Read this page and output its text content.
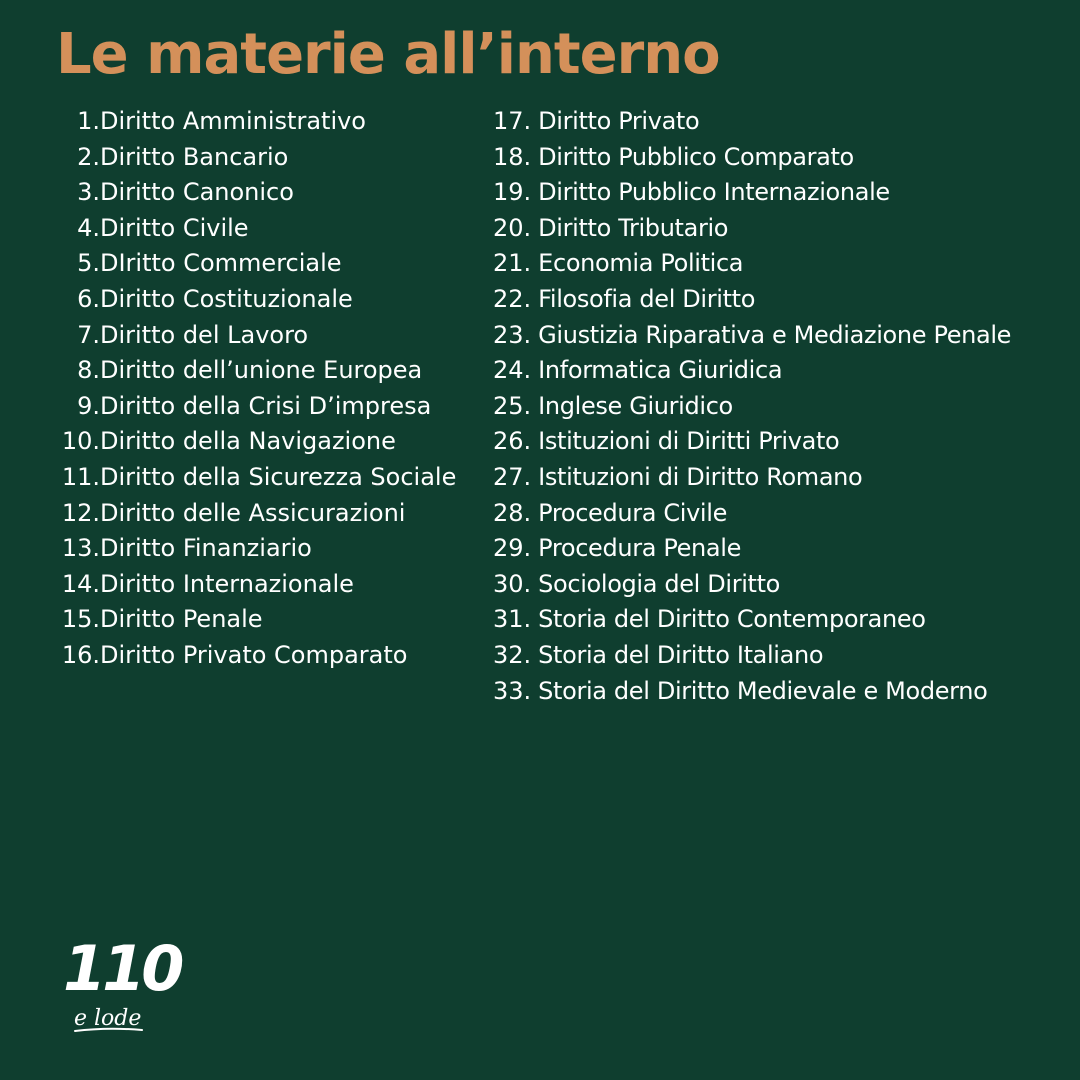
Le materie all’interno
1. Diritto Amministrativo
2. Diritto Bancario
3. Diritto Canonico
4. Diritto Civile
5. DIritto Commerciale
6. Diritto Costituzionale
7. Diritto del Lavoro
8. Diritto dell’unione Europea
9. Diritto della Crisi D’impresa
10. Diritto della Navigazione
11. Diritto della Sicurezza Sociale
12. Diritto delle Assicurazioni
13. Diritto Finanziario
14. Diritto Internazionale
15. Diritto Penale
16. Diritto Privato Comparato
17. Diritto Privato
18. Diritto Pubblico Comparato
19. Diritto Pubblico Internazionale
20. Diritto Tributario
21. Economia Politica
22. Filosofia del Diritto
23. Giustizia Riparativa e Mediazione Penale
24. Informatica Giuridica
25. Inglese Giuridico
26. Istituzioni di Diritti Privato
27. Istituzioni di Diritto Romano
28. Procedura Civile
29. Procedura Penale
30. Sociologia del Diritto
31. Storia del Diritto Contemporaneo
32. Storia del Diritto Italiano
33. Storia del Diritto Medievale e Moderno
110
e lode
